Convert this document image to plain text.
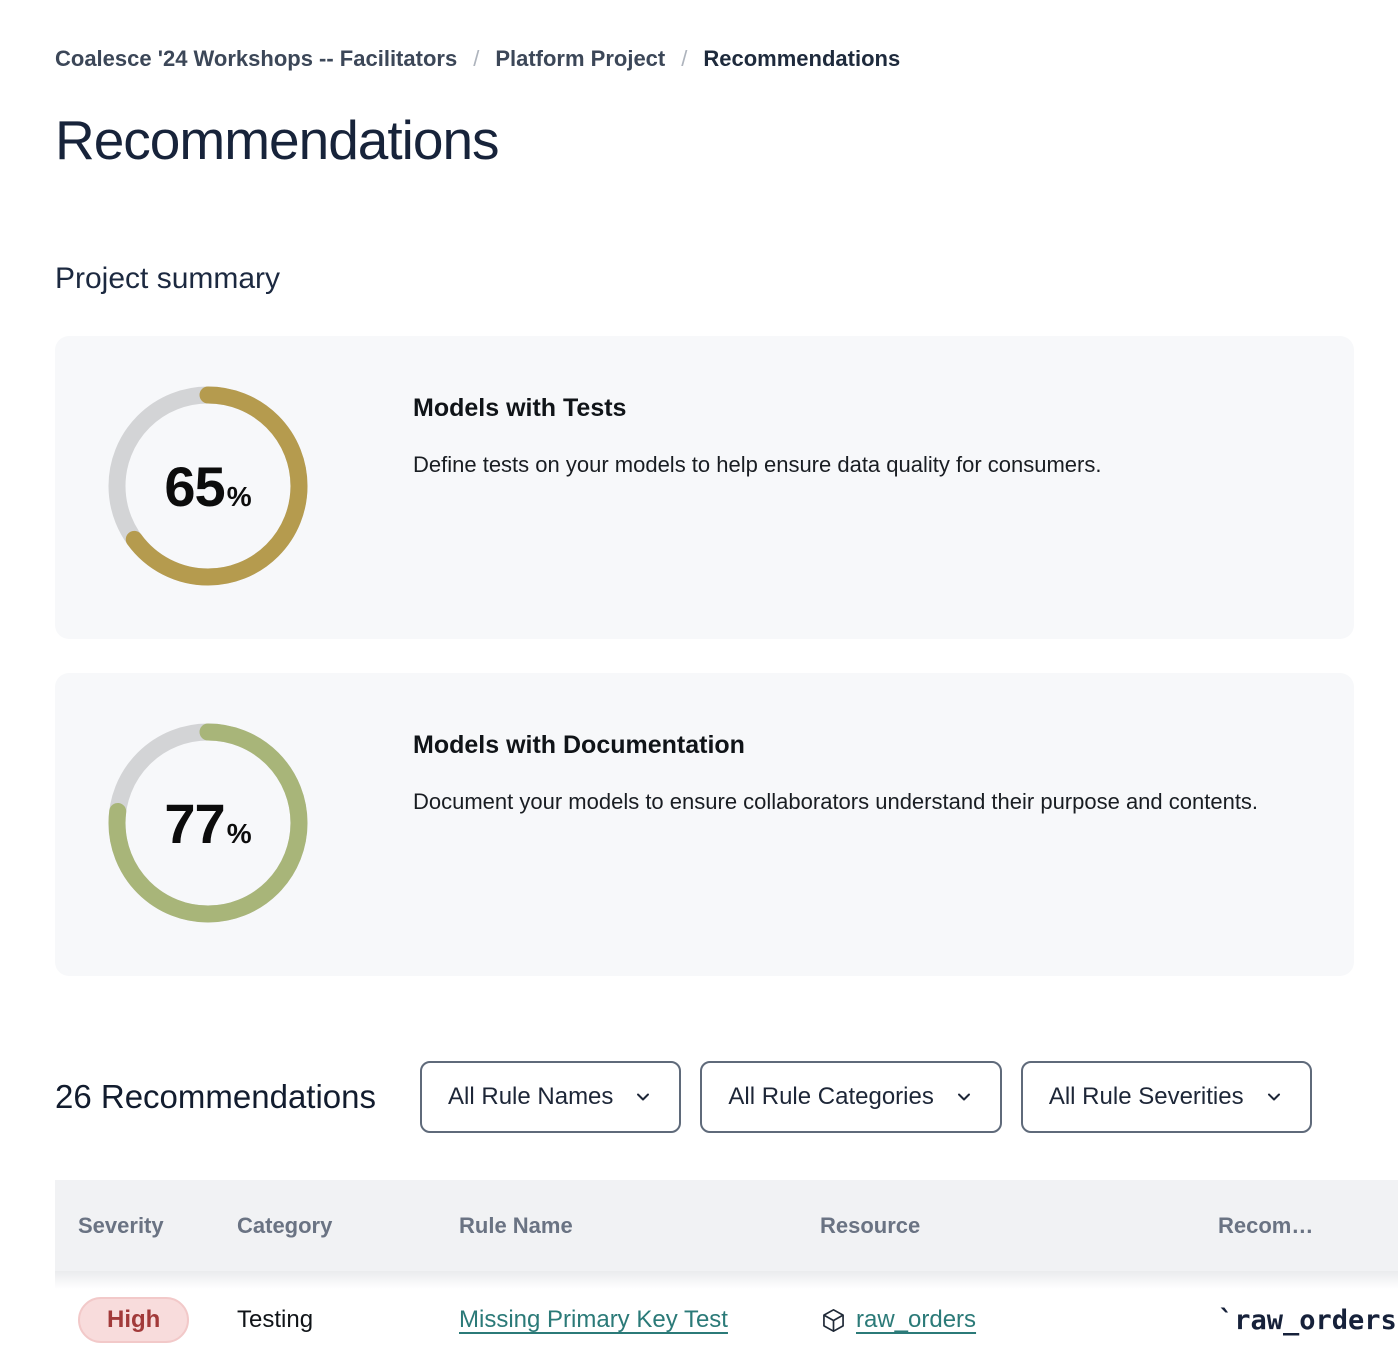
Coalesce '24 Workshops -- Facilitators / Platform Project / Recommendations
Recommendations
Project summary
65 %
Models with Tests

Define tests on your models to help ensure data quality for consumers.

77 %
Models with Documentation

Document your models to ensure collaborators understand their purpose and contents.

26 Recommendations	All Rule Names	All Rule Categories	All Rule Severities
Severity	Category	Rule Name	Resource	Recom…
High	Testing	Missing Primary Key Test	raw_orders	`raw_orders
